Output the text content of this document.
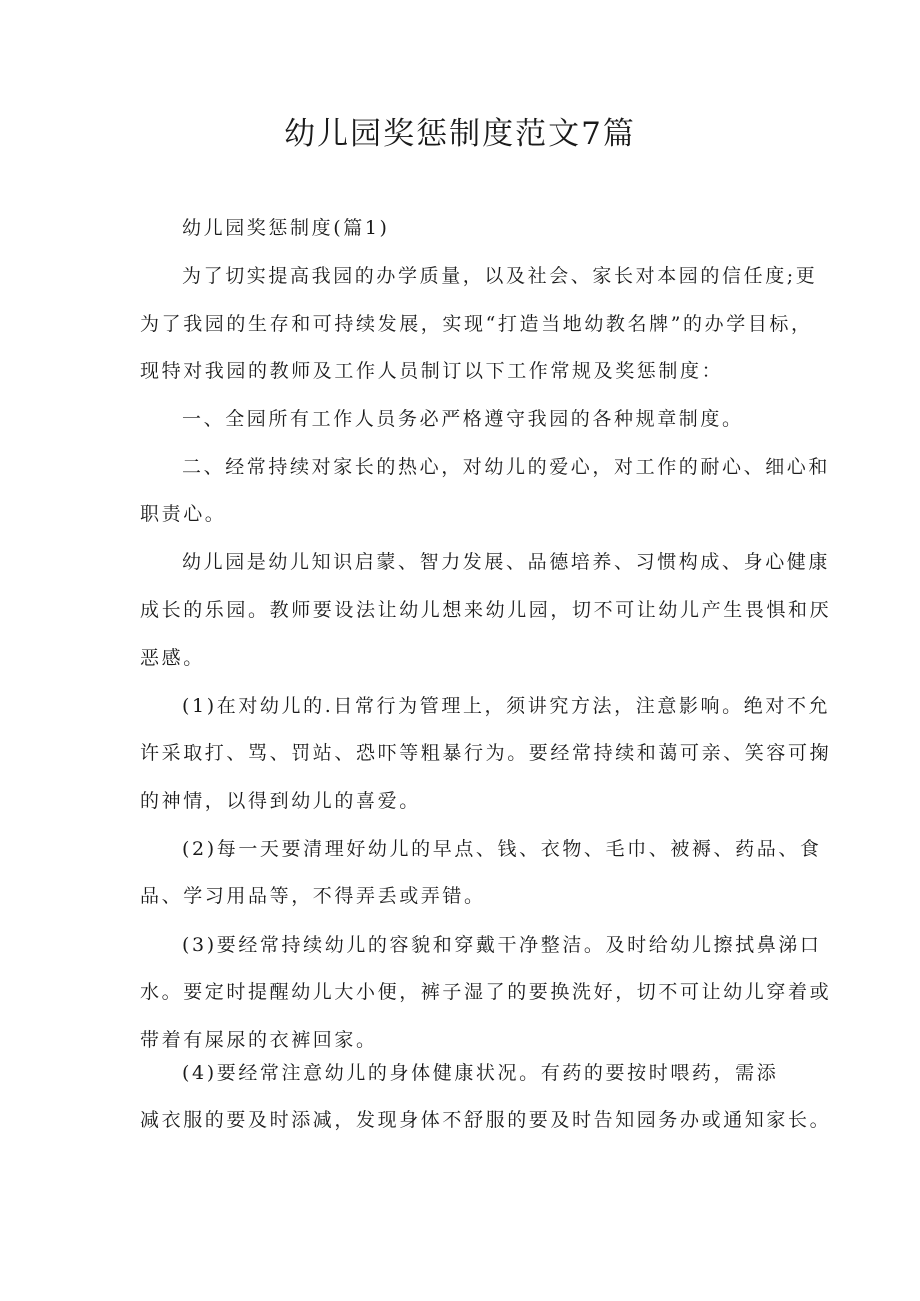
幼儿园奖惩制度范文7篇
幼儿园奖惩制度(篇1)
为了切实提高我园的办学质量，以及社会、家长对本园的信任度;更
为了我园的生存和可持续发展，实现“打造当地幼教名牌”的办学目标，
现特对我园的教师及工作人员制订以下工作常规及奖惩制度：
一、全园所有工作人员务必严格遵守我园的各种规章制度。
二、经常持续对家长的热心，对幼儿的爱心，对工作的耐心、细心和
职责心。
幼儿园是幼儿知识启蒙、智力发展、品德培养、习惯构成、身心健康
成长的乐园。教师要设法让幼儿想来幼儿园，切不可让幼儿产生畏惧和厌
恶感。
(1)在对幼儿的.日常行为管理上，须讲究方法，注意影响。绝对不允
许采取打、骂、罚站、恐吓等粗暴行为。要经常持续和蔼可亲、笑容可掬
的神情，以得到幼儿的喜爱。
(2)每一天要清理好幼儿的早点、钱、衣物、毛巾、被褥、药品、食
品、学习用品等，不得弄丢或弄错。
(3)要经常持续幼儿的容貌和穿戴干净整洁。及时给幼儿擦拭鼻涕口
水。要定时提醒幼儿大小便，裤子湿了的要换洗好，切不可让幼儿穿着或
带着有屎尿的衣裤回家。
(4)要经常注意幼儿的身体健康状况。有药的要按时喂药，需添
减衣服的要及时添减，发现身体不舒服的要及时告知园务办或通知家长。
